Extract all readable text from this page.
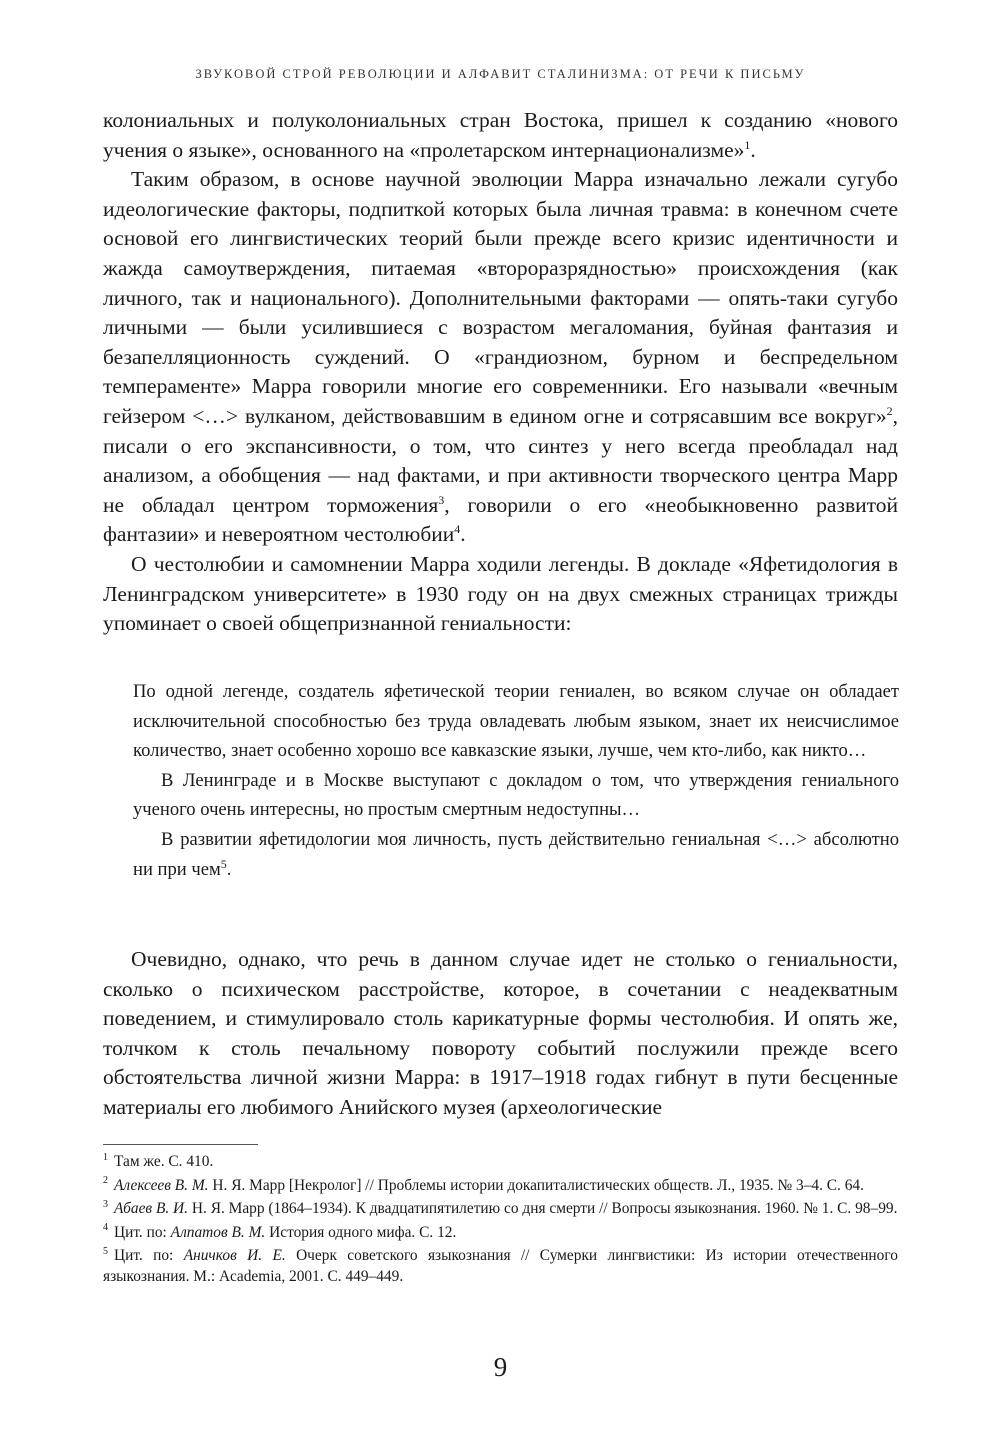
ЗВУКОВОЙ СТРОЙ РЕВОЛЮЦИИ И АЛФАВИТ СТАЛИНИЗМА: ОТ РЕЧИ К ПИСЬМУ

колониальных и полуколониальных стран Востока, пришел к созданию «нового учения о языке», основанного на «пролетарском интернационализме»$^1$.

Таким образом, в основе научной эволюции Марра изначально лежали сугубо идеологические факторы, подпиткой которых была личная травма: в конечном счете основой его лингвистических теорий были прежде всего кризис идентичности и жажда самоутверждения, питаемая «второразрядностью» происхождения (как личного, так и национального). Дополнительными факторами — опять-таки сугубо личными — были усилившиеся с возрастом мегаломания, буйная фантазия и безапелляционность суждений. О «грандиозном, бурном и беспредельном темпераменте» Марра говорили многие его современники. Его называли «вечным гейзером <…> вулканом, действовавшим в едином огне и сотрясавшим все вокруг»$^2$, писали о его экспансивности, о том, что синтез у него всегда преобладал над анализом, а обобщения — над фактами, и при активности творческого центра Марр не обладал центром торможения$^3$, говорили о его «необыкновенно развитой фантазии» и невероятном честолюбии$^4$.

О честолюбии и самомнении Марра ходили легенды. В докладе «Яфетидология в Ленинградском университете» в 1930 году он на двух смежных страницах трижды упоминает о своей общепризнанной гениальности:

По одной легенде, создатель яфетической теории гениален, во всяком случае он обладает исключительной способностью без труда овладевать любым языком, знает их неисчислимое количество, знает особенно хорошо все кавказские языки, лучше, чем кто-либо, как никто…

В Ленинграде и в Москве выступают с докладом о том, что утверждения гениального ученого очень интересны, но простым смертным недоступны…

В развитии яфетидологии моя личность, пусть действительно гениальная <…> абсолютно ни при чем$^5$.

Очевидно, однако, что речь в данном случае идет не столько о гениальности, сколько о психическом расстройстве, которое, в сочетании с неадекватным поведением, и стимулировало столь карикатурные формы честолюбия. И опять же, толчком к столь печальному повороту событий послужили прежде всего обстоятельства личной жизни Марра: в 1917–1918 годах гибнут в пути бесценные материалы его любимого Анийского музея (археологические

$^1$ Там же. С. 410.

$^2$ Алексеев В. М. Н. Я. Марр [Некролог] // Проблемы истории докапиталистических обществ. Л., 1935. № 3–4. С. 64.

$^3$ Абаев В. И. Н. Я. Марр (1864–1934). К двадцатипятилетию со дня смерти // Вопросы языкознания. 1960. № 1. С. 98–99.

$^4$ Цит. по: Алпатов В. М. История одного мифа. С. 12.

$^5$ Цит. по: Аничков И. Е. Очерк советского языкознания // Сумерки лингвистики: Из истории отечественного языкознания. М.: Academia, 2001. С. 449–449.

9
